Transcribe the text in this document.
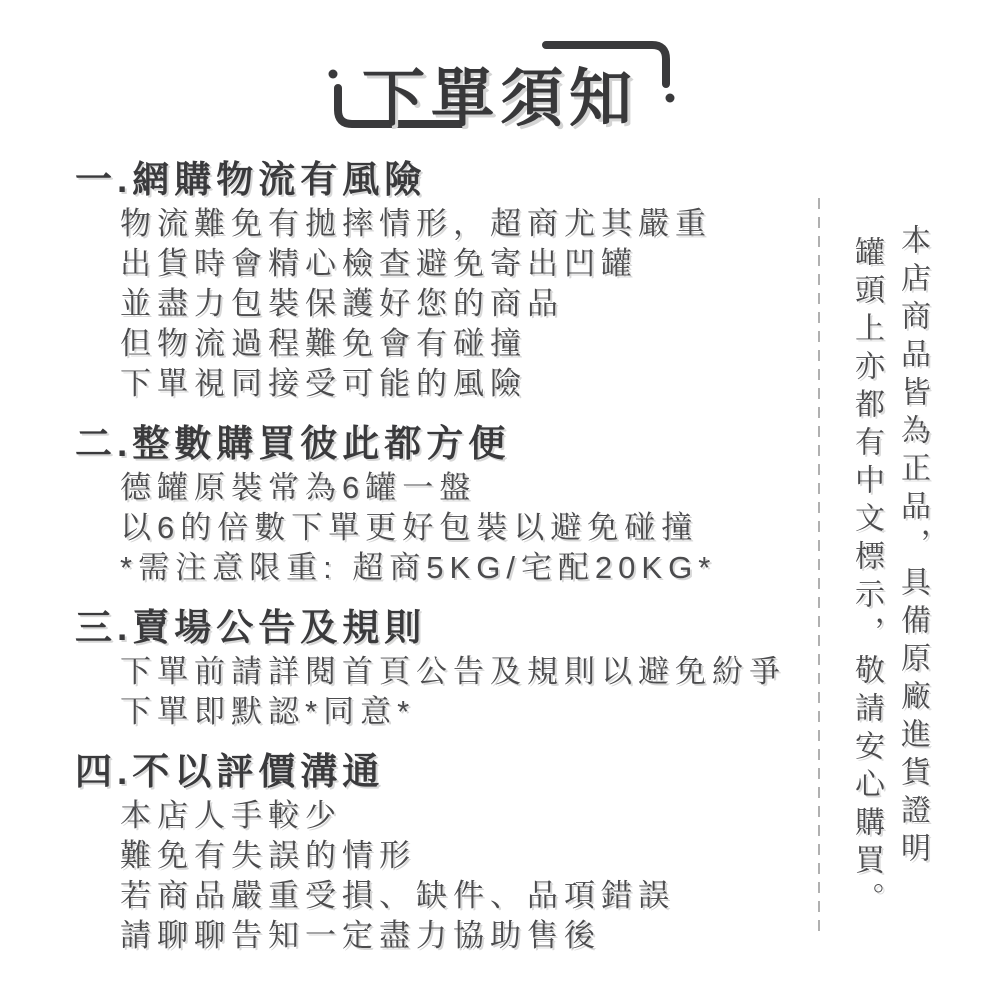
下單須知
一.網購物流有風險

物流難免有拋摔情形，超商尤其嚴重

出貨時會精心檢查避免寄出凹罐

並盡力包裝保護好您的商品

但物流過程難免會有碰撞

下單視同接受可能的風險

二.整數購買彼此都方便

德罐原裝常為6罐一盤

以6的倍數下單更好包裝以避免碰撞

*需注意限重: 超商5KG/宅配20KG*

三.賣場公告及規則

下單前請詳閱首頁公告及規則以避免紛爭

下單即默認*同意*

四.不以評價溝通

本店人手較少

難免有失誤的情形

若商品嚴重受損、缺件、品項錯誤

請聊聊告知一定盡力協助售後

本店商品皆為正品，具備原廠進貨證明
罐頭上亦都有中文標示，敬請安心購買。
